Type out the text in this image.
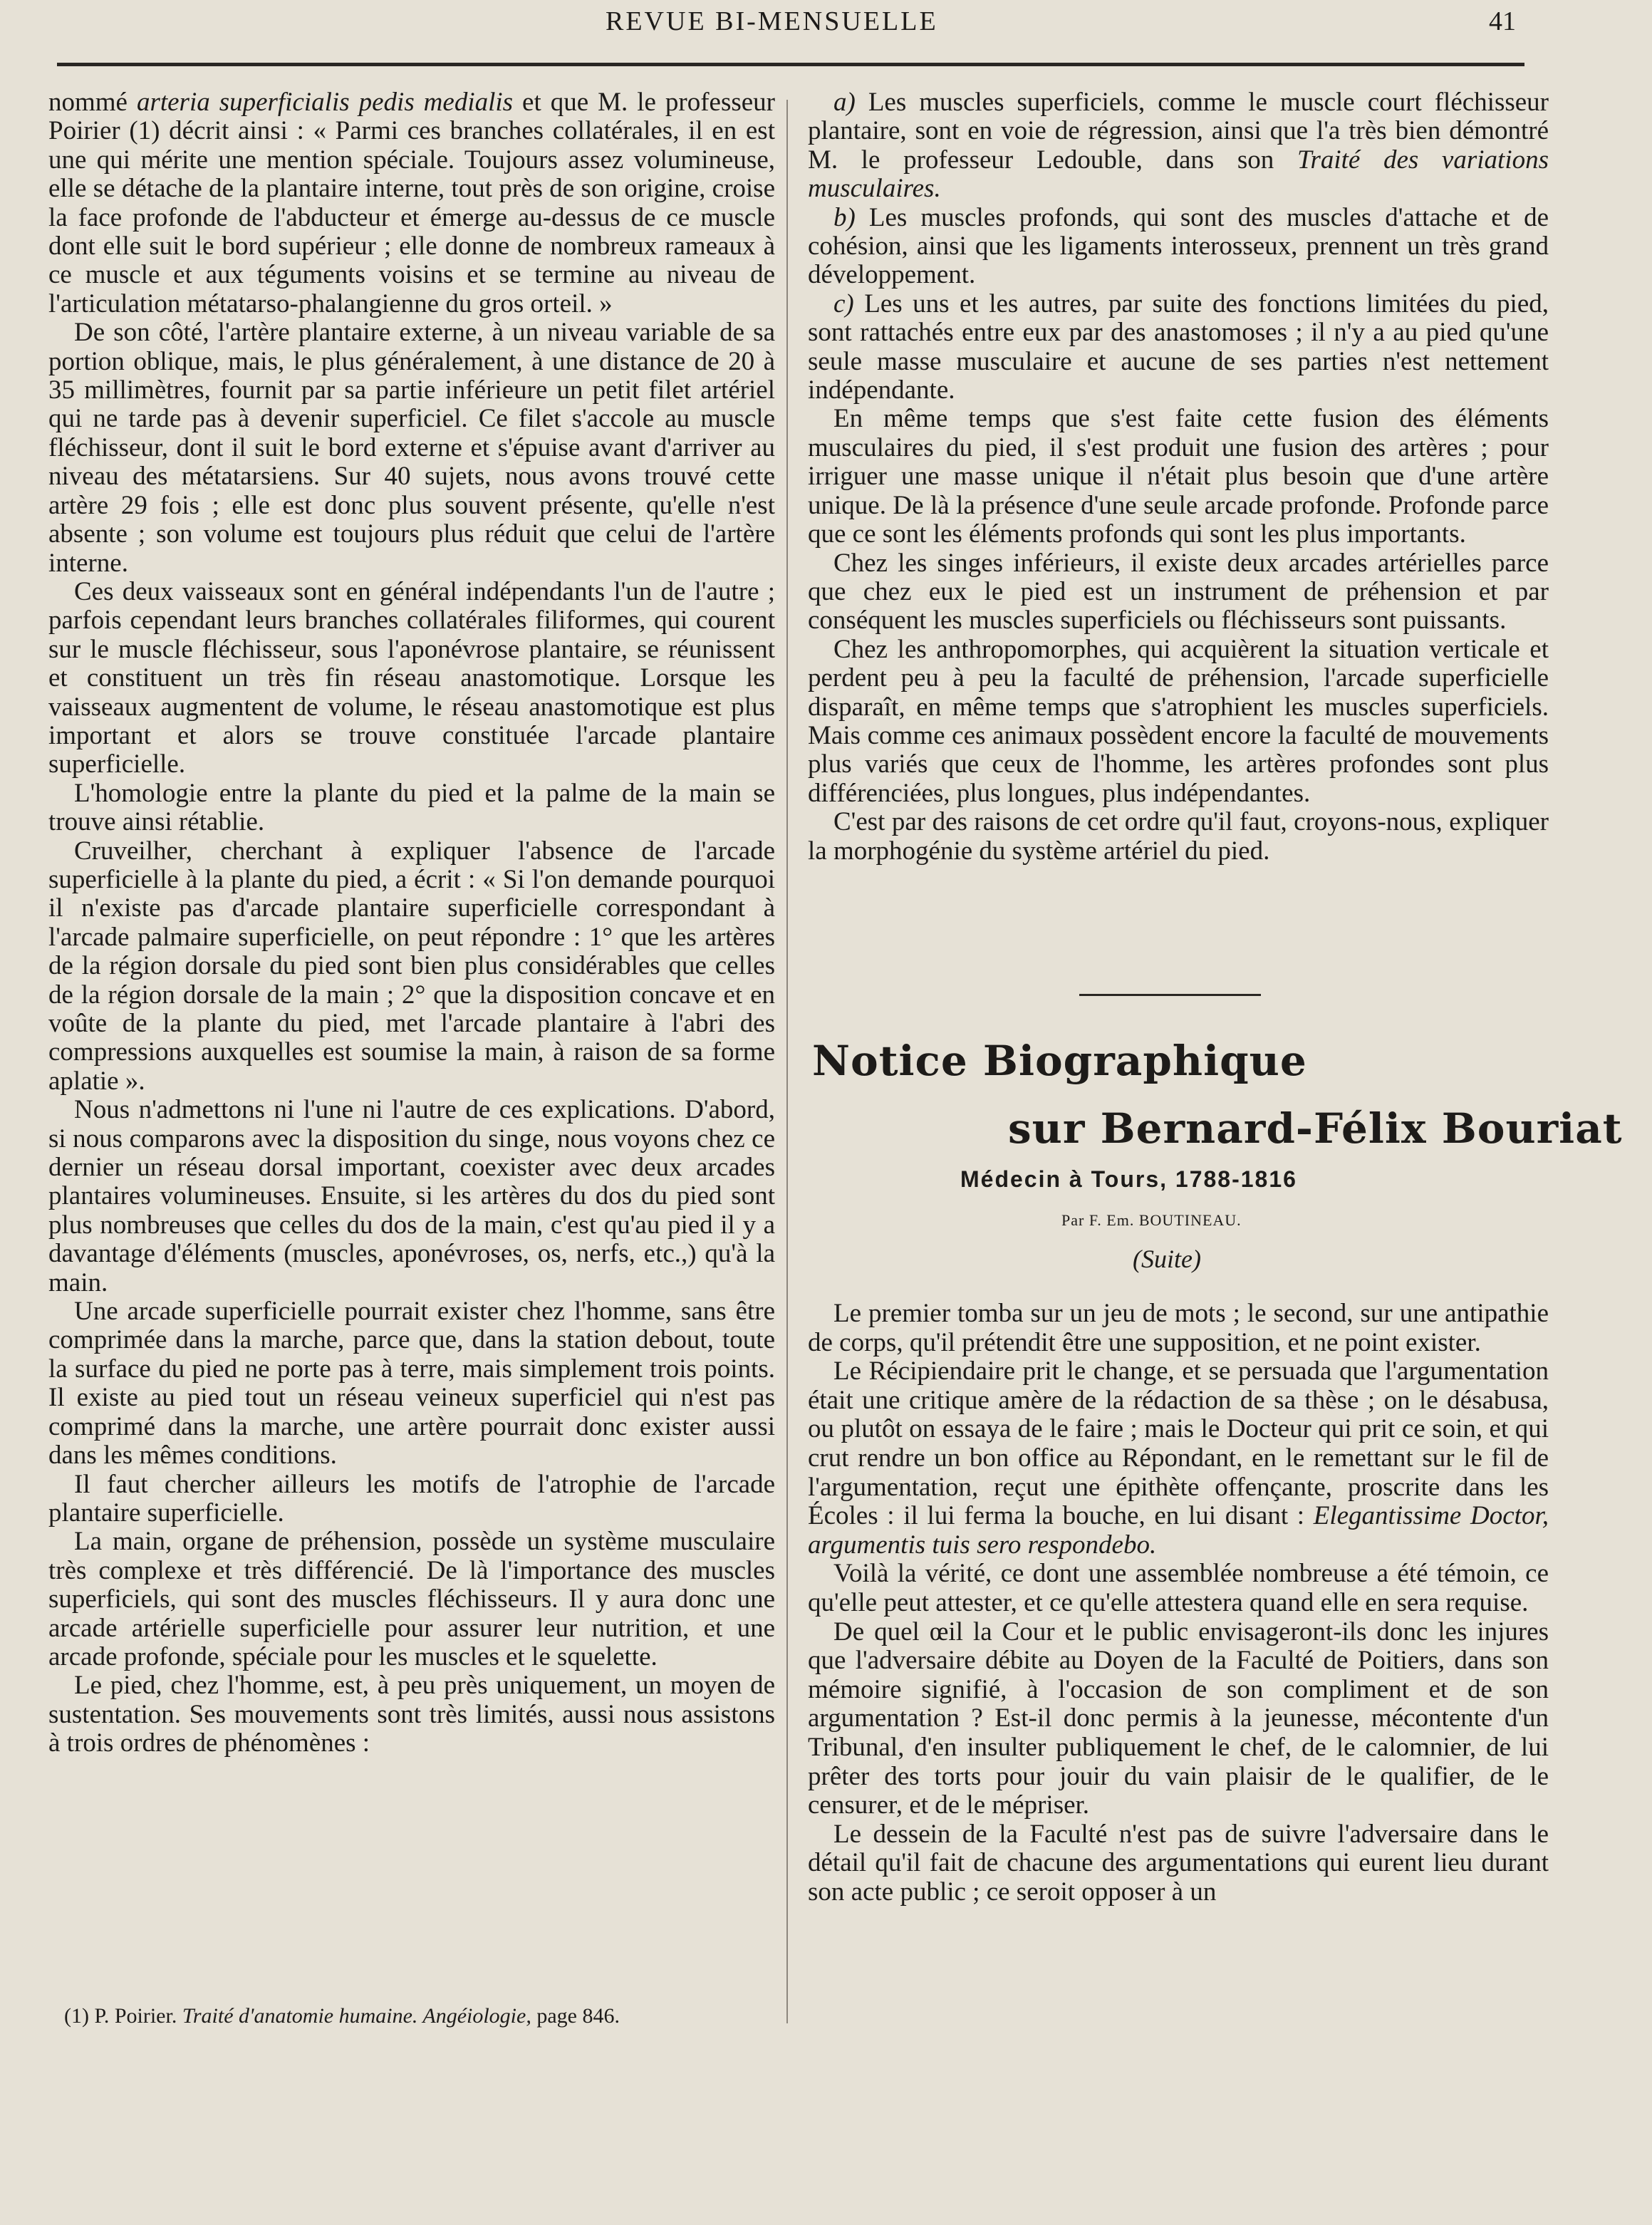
REVUE BI-MENSUELLE	41

nommé arteria superficialis pedis medialis et que M. le professeur Poirier (1) décrit ainsi : « Parmi ces branches collatérales, il en est une qui mérite une mention spéciale. Toujours assez volumineuse, elle se détache de la plantaire interne, tout près de son origine, croise la face profonde de l'abducteur et émerge au-dessus de ce muscle dont elle suit le bord supérieur ; elle donne de nombreux rameaux à ce muscle et aux téguments voisins et se termine au niveau de l'articulation métatarso-phalangienne du gros orteil. »

De son côté, l'artère plantaire externe, à un niveau variable de sa portion oblique, mais, le plus généralement, à une distance de 20 à 35 millimètres, fournit par sa partie inférieure un petit filet artériel qui ne tarde pas à devenir superficiel. Ce filet s'accole au muscle fléchisseur, dont il suit le bord externe et s'épuise avant d'arriver au niveau des métatarsiens. Sur 40 sujets, nous avons trouvé cette artère 29 fois ; elle est donc plus souvent présente, qu'elle n'est absente ; son volume est toujours plus réduit que celui de l'artère interne.

Ces deux vaisseaux sont en général indépendants l'un de l'autre ; parfois cependant leurs branches collatérales filiformes, qui courent sur le muscle fléchisseur, sous l'aponévrose plantaire, se réunissent et constituent un très fin réseau anastomotique. Lorsque les vaisseaux augmentent de volume, le réseau anastomotique est plus important et alors se trouve constituée l'arcade plantaire superficielle.

L'homologie entre la plante du pied et la palme de la main se trouve ainsi rétablie.

Cruveilher, cherchant à expliquer l'absence de l'arcade superficielle à la plante du pied, a écrit : « Si l'on demande pourquoi il n'existe pas d'arcade plantaire superficielle correspondant à l'arcade palmaire superficielle, on peut répondre : 1° que les artères de la région dorsale du pied sont bien plus considérables que celles de la région dorsale de la main ; 2° que la disposition concave et en voûte de la plante du pied, met l'arcade plantaire à l'abri des compressions auxquelles est soumise la main, à raison de sa forme aplatie ».

Nous n'admettons ni l'une ni l'autre de ces explications. D'abord, si nous comparons avec la disposition du singe, nous voyons chez ce dernier un réseau dorsal important, coexister avec deux arcades plantaires volumineuses. Ensuite, si les artères du dos du pied sont plus nombreuses que celles du dos de la main, c'est qu'au pied il y a davantage d'éléments (muscles, aponévroses, os, nerfs, etc.,) qu'à la main.

Une arcade superficielle pourrait exister chez l'homme, sans être comprimée dans la marche, parce que, dans la station debout, toute la surface du pied ne porte pas à terre, mais simplement trois points. Il existe au pied tout un réseau veineux superficiel qui n'est pas comprimé dans la marche, une artère pourrait donc exister aussi dans les mêmes conditions.

Il faut chercher ailleurs les motifs de l'atrophie de l'arcade plantaire superficielle.

La main, organe de préhension, possède un système musculaire très complexe et très différencié. De là l'importance des muscles superficiels, qui sont des muscles fléchisseurs. Il y aura donc une arcade artérielle superficielle pour assurer leur nutrition, et une arcade profonde, spéciale pour les muscles et le squelette.

Le pied, chez l'homme, est, à peu près uniquement, un moyen de sustentation. Ses mouvements sont très limités, aussi nous assistons à trois ordres de phénomènes :

(1) P. Poirier. Traité d'anatomie humaine. Angéiologie, page 846.

a) Les muscles superficiels, comme le muscle court fléchisseur plantaire, sont en voie de régression, ainsi que l'a très bien démontré M. le professeur Ledouble, dans son Traité des variations musculaires.

b) Les muscles profonds, qui sont des muscles d'attache et de cohésion, ainsi que les ligaments interosseux, prennent un très grand développement.

c) Les uns et les autres, par suite des fonctions limitées du pied, sont rattachés entre eux par des anastomoses ; il n'y a au pied qu'une seule masse musculaire et aucune de ses parties n'est nettement indépendante.

En même temps que s'est faite cette fusion des éléments musculaires du pied, il s'est produit une fusion des artères ; pour irriguer une masse unique il n'était plus besoin que d'une artère unique. De là la présence d'une seule arcade profonde. Profonde parce que ce sont les éléments profonds qui sont les plus importants.

Chez les singes inférieurs, il existe deux arcades artérielles parce que chez eux le pied est un instrument de préhension et par conséquent les muscles superficiels ou fléchisseurs sont puissants.

Chez les anthropomorphes, qui acquièrent la situation verticale et perdent peu à peu la faculté de préhension, l'arcade superficielle disparaît, en même temps que s'atrophient les muscles superficiels. Mais comme ces animaux possèdent encore la faculté de mouvements plus variés que ceux de l'homme, les artères profondes sont plus différenciées, plus longues, plus indépendantes.

C'est par des raisons de cet ordre qu'il faut, croyons-nous, expliquer la morphogénie du système artériel du pied.

Notice Biographique
sur Bernard-Félix Bouriat
Médecin à Tours, 1788-1816
Par F. Em. BOUTINEAU.
(Suite)

Le premier tomba sur un jeu de mots ; le second, sur une antipathie de corps, qu'il prétendit être une supposition, et ne point exister.

Le Récipiendaire prit le change, et se persuada que l'argumentation était une critique amère de la rédaction de sa thèse ; on le désabusa, ou plutôt on essaya de le faire ; mais le Docteur qui prit ce soin, et qui crut rendre un bon office au Répondant, en le remettant sur le fil de l'argumentation, reçut une épithète offençante, proscrite dans les Écoles : il lui ferma la bouche, en lui disant : Elegantissime Doctor, argumentis tuis sero respondebo.

Voilà la vérité, ce dont une assemblée nombreuse a été témoin, ce qu'elle peut attester, et ce qu'elle attestera quand elle en sera requise.

De quel œil la Cour et le public envisageront-ils donc les injures que l'adversaire débite au Doyen de la Faculté de Poitiers, dans son mémoire signifié, à l'occasion de son compliment et de son argumentation ? Est-il donc permis à la jeunesse, mécontente d'un Tribunal, d'en insulter publiquement le chef, de le calomnier, de lui prêter des torts pour jouir du vain plaisir de le qualifier, de le censurer, et de le mépriser.

Le dessein de la Faculté n'est pas de suivre l'adversaire dans le détail qu'il fait de chacune des argumentations qui eurent lieu durant son acte public ; ce seroit opposer à un
